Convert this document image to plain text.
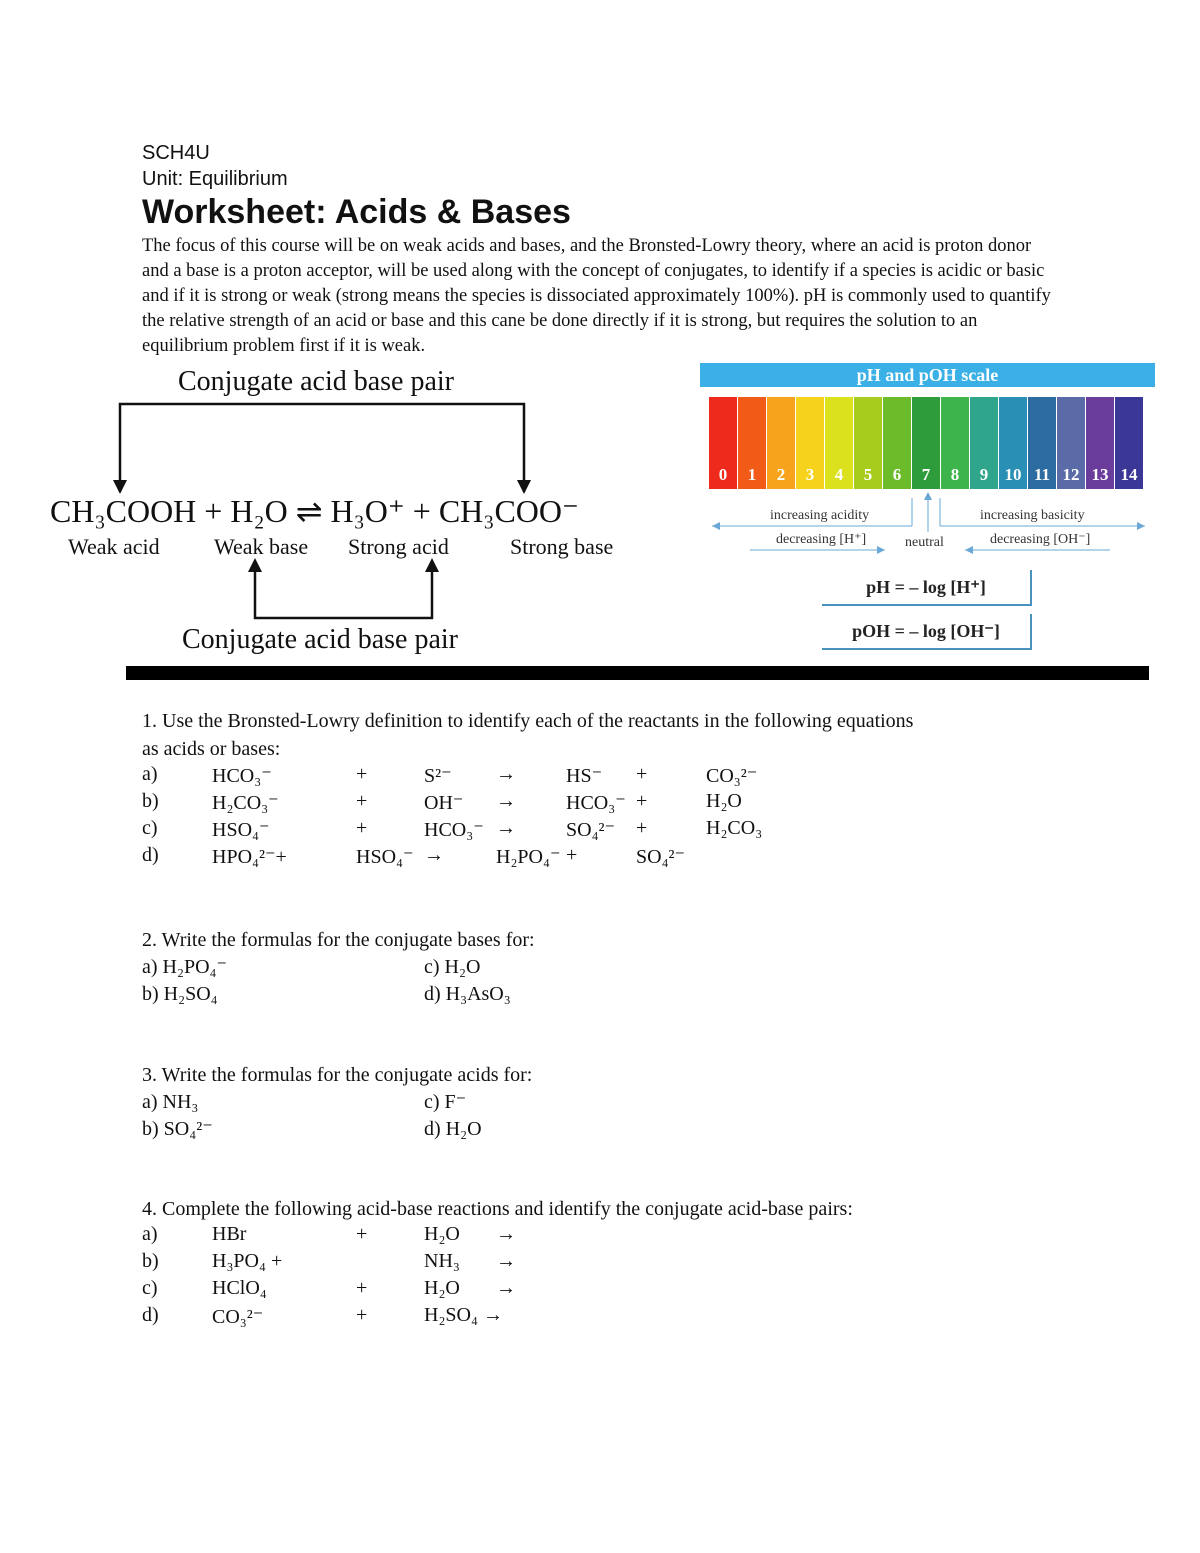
SCH4U
Unit: Equilibrium
Worksheet: Acids & Bases

The focus of this course will be on weak acids and bases, and the Bronsted-Lowry theory, where an acid is proton donor and a base is a proton acceptor, will be used along with the concept of conjugates, to identify if a species is acidic or basic and if it is strong or weak (strong means the species is dissociated approximately 100%). pH is commonly used to quantify the relative strength of an acid or base and this cane be done directly if it is strong, but requires the solution to an equilibrium problem first if it is weak.

Conjugate acid base pair
CH₃COOH + H₂O ⇌ H₃O⁺ + CH₃COO⁻
Weak acid Weak base Strong acid	Strong base
Conjugate acid base pair
pH and pOH scale
0	1	2	3	4	5	6	7	8	9 10 11 12 13 14
increasing acidity	increasing basicity
decreasing [H⁺]	neutral	decreasing [OH⁻]
pH = – log [H⁺]
pOH = – log [OH⁻]
1. Use the Bronsted-Lowry definition to identify each of the reactants in the following equations
as acids or bases:
a)	HCO₃⁻	+	S²⁻ →	HS⁻ +	CO₃²⁻
b)	H₂CO₃⁻	+	OH⁻ →	HCO₃⁻ +	H₂O
c)	HSO₄⁻	+	HCO₃⁻ →	SO₄²⁻ +	H₂CO₃
d)	HPO₄²⁻+	HSO₄⁻ →	H₂PO₄⁻ +	SO₄²⁻
2. Write the formulas for the conjugate bases for:
a) H₂PO₄⁻	c) H₂O
b) H₂SO₄	d) H₃AsO₃
3. Write the formulas for the conjugate acids for:
a) NH₃	c) F⁻
b) SO₄²⁻	d) H₂O
4. Complete the following acid-base reactions and identify the conjugate acid-base pairs:
a)	HBr	+	H₂O →
b)	H₃PO₄ +	NH₃ →
c)	HClO₄	+	H₂O →
d)	CO₃²⁻	+	H₂SO₄ →
